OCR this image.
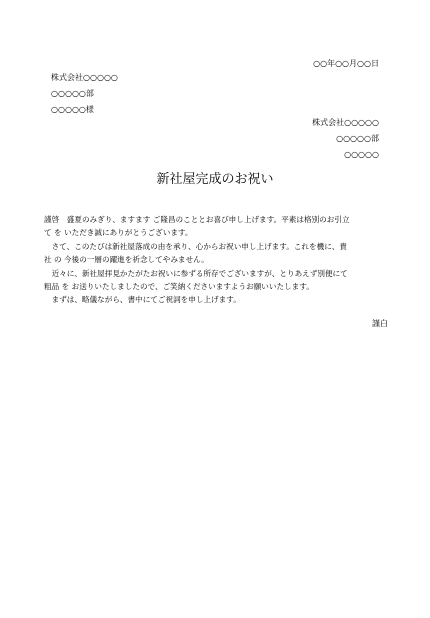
○○年○○月○○日
株式会社○○○○○
○○○○○部
○○○○○様
株式会社○○○○○
○○○○○部
○○○○○
新社屋完成のお祝い
謹啓　盛夏のみぎり、ますます ご隆昌のこととお喜び申し上げます。平素は格別のお引立
て を いただき誠にありがとうございます。
　さて、このたびは新社屋落成の由を承り、心からお祝い申し上げます。これを機に、貴
社 の 今後の一層の躍進を祈念してやみません。
　近々に、新社屋拝見かたがたお祝いに参ずる所存でございますが、とりあえず別便にて
粗品 を お送りいたしましたので、ご笑納くださいますようお願いいたします。
　まずは、略儀ながら、書中にてご祝詞を申し上げます。
謹白
